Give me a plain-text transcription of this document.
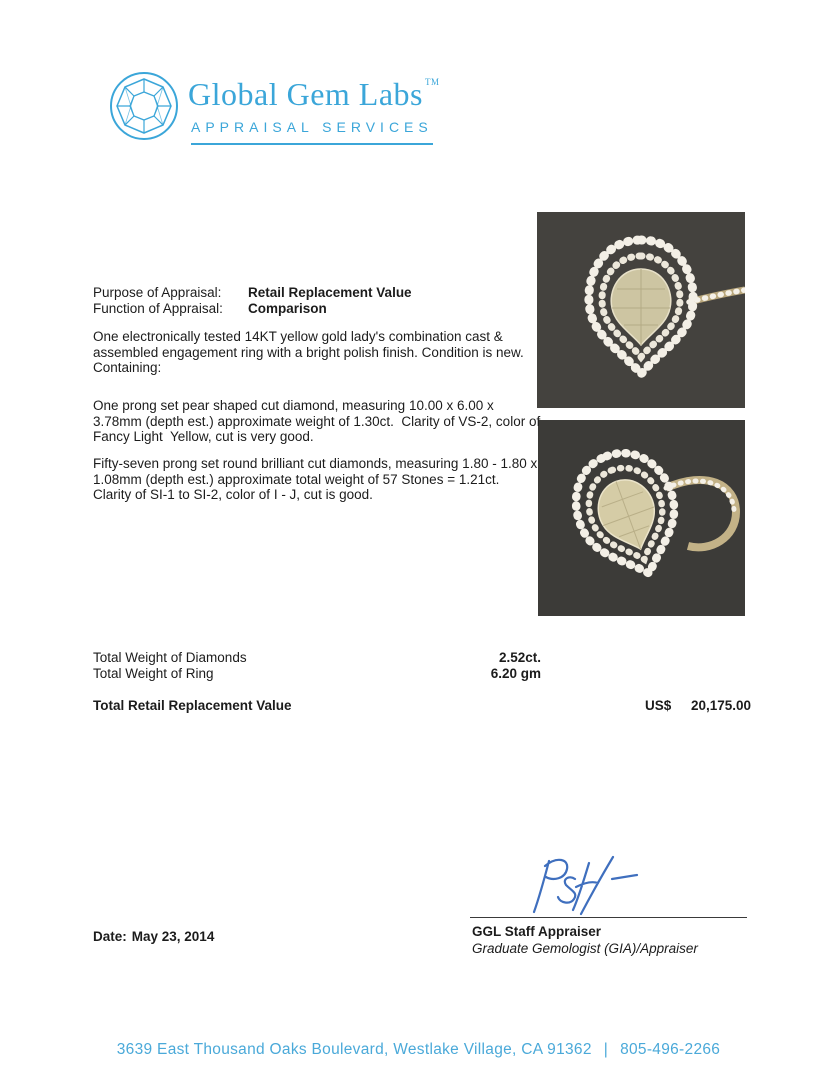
Global Gem Labs ™
APPRAISAL SERVICES
Purpose of Appraisal:	Retail Replacement Value
Function of Appraisal:	Comparison

One electronically tested 14KT yellow gold lady's combination cast & assembled engagement ring with a bright polish finish. Condition is new.    Containing:

One prong set pear shaped cut diamond, measuring 10.00 x 6.00 x 3.78mm (depth est.) approximate weight of 1.30ct.  Clarity of VS-2, color of Fancy Light  Yellow, cut is very good.

Fifty-seven prong set round brilliant cut diamonds, measuring 1.80 - 1.80 x 1.08mm (depth est.) approximate total weight of 57 Stones = 1.21ct.  Clarity of SI-1 to SI-2, color of I - J, cut is good.

Total Weight of Diamonds	2.52ct.
Total Weight of Ring	6.20 gm
Total Retail Replacement Value	US$ 20,175.00
GGL Staff Appraiser
Graduate Gemologist (GIA)/Appraiser
Date: May 23, 2014
3639 East Thousand Oaks Boulevard, Westlake Village, CA 91362 | 805-496-2266
